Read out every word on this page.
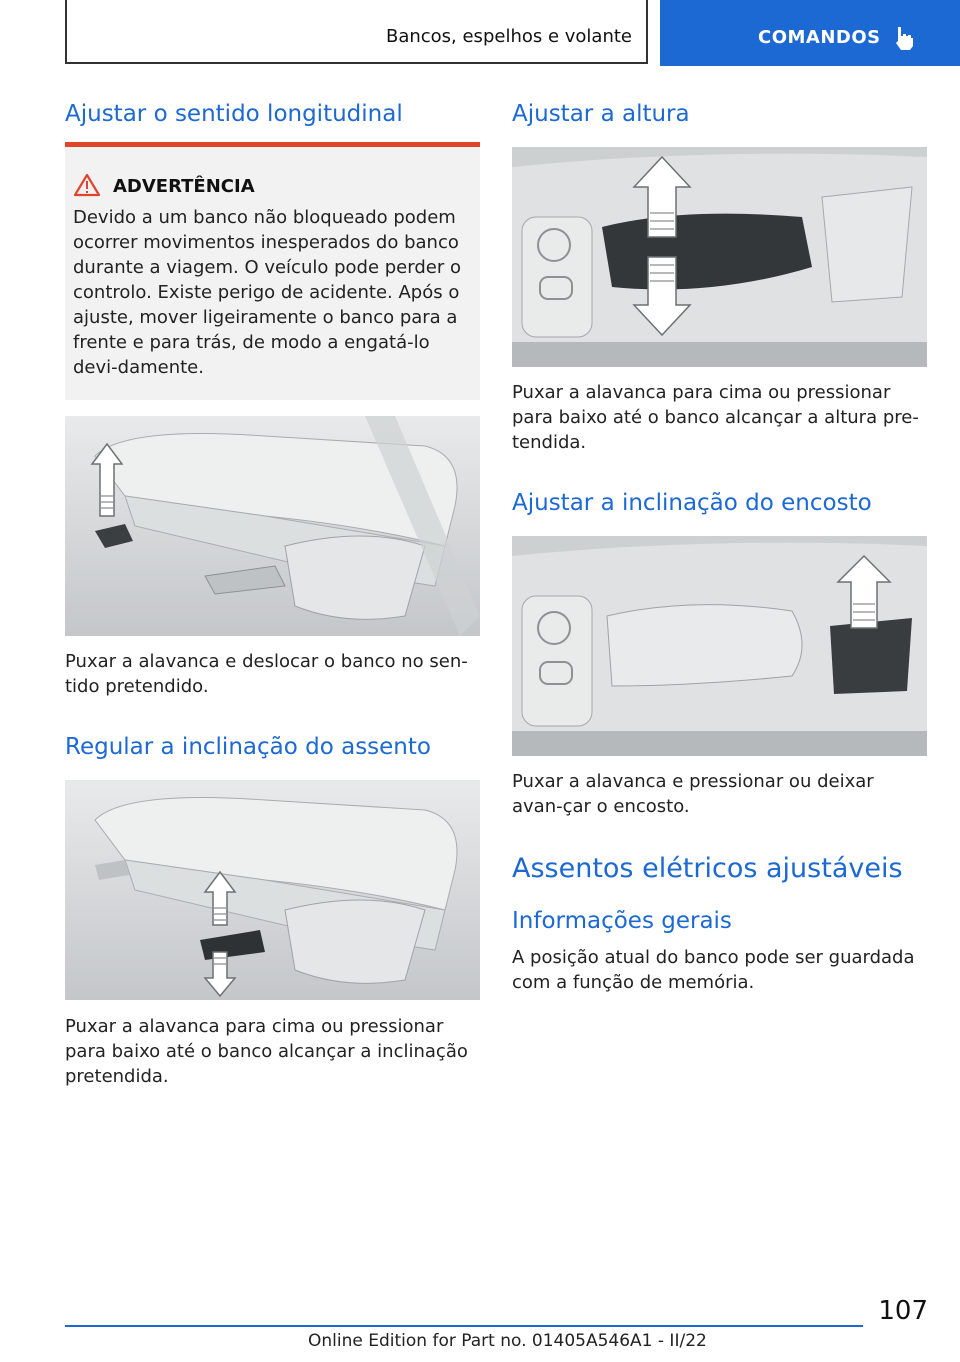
Bancos, espelhos e volante	COMANDOS
Ajustar o sentido longitudinal
ADVERTÊNCIA

Devido a um banco não bloqueado podem ocorrer movimentos inesperados do banco durante a viagem. O veículo pode perder o controlo. Existe perigo de acidente. Após o ajuste, mover ligeiramente o banco para a frente e para trás, de modo a engatá-lo devi-damente.

Puxar a alavanca e deslocar o banco no sen-tido pretendido.

Regular a inclinação do assento

Puxar a alavanca para cima ou pressionar para baixo até o banco alcançar a inclinação pretendida.

Ajustar a altura

Puxar a alavanca para cima ou pressionar para baixo até o banco alcançar a altura pre-tendida.

Ajustar a inclinação do encosto

Puxar a alavanca e pressionar ou deixar avan-çar o encosto.

Assentos elétricos ajustáveis
Informações gerais

A posição atual do banco pode ser guardada com a função de memória.

107
Online Edition for Part no. 01405A546A1 - II/22
